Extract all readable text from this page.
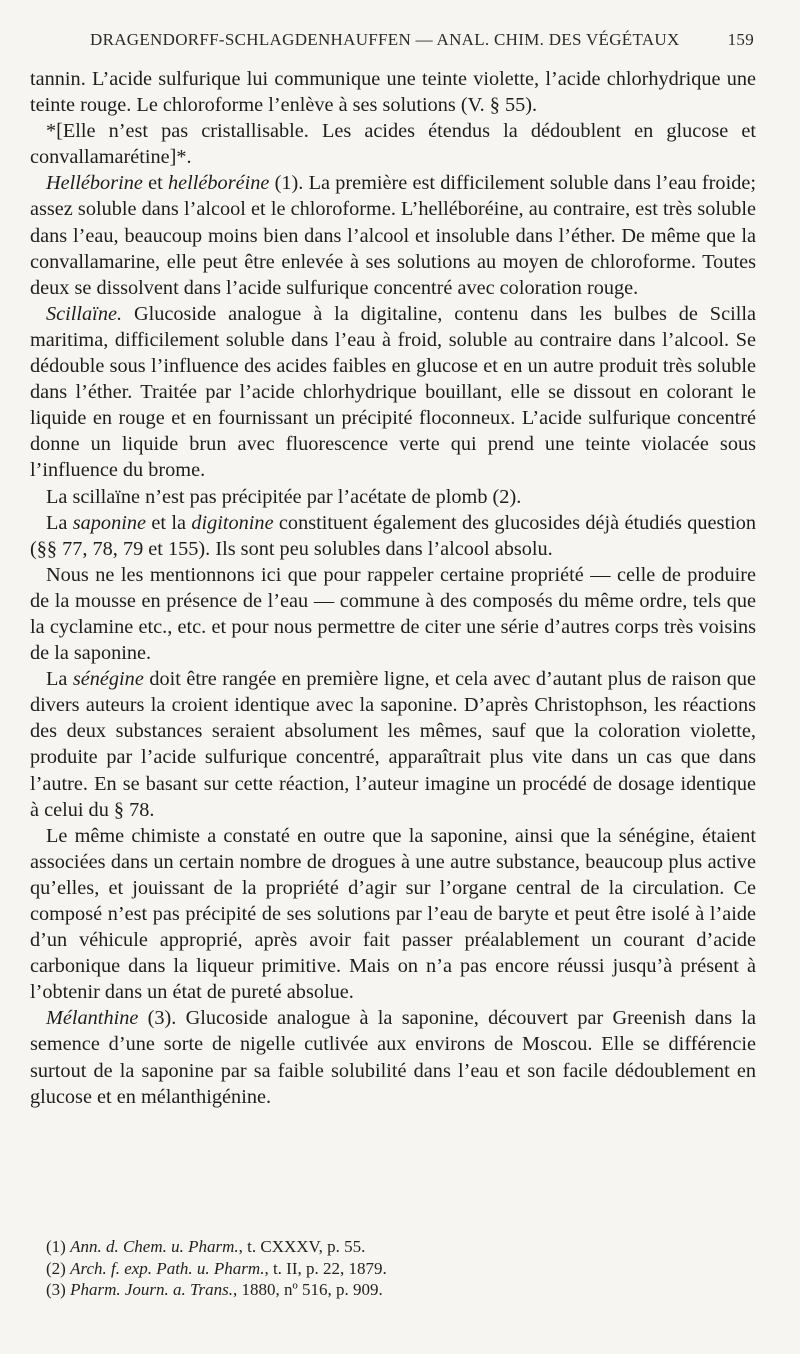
DRAGENDORFF-SCHLAGDENHAUFFEN — ANAL. CHIM. DES VÉGÉTAUX	159

tannin. L’acide sulfurique lui communique une teinte violette, l’acide chlorhydrique une teinte rouge. Le chloroforme l’enlève à ses solutions (V. § 55).

*[Elle n’est pas cristallisable. Les acides étendus la dédoublent en glucose et convallamarétine]*.

Helléborine et helléboréine (1). La première est difficilement soluble dans l’eau froide; assez soluble dans l’alcool et le chloroforme. L’helléboréine, au contraire, est très soluble dans l’eau, beaucoup moins bien dans l’alcool et insoluble dans l’éther. De même que la convallamarine, elle peut être enlevée à ses solutions au moyen de chloroforme. Toutes deux se dissolvent dans l’acide sulfurique concentré avec coloration rouge.

Scillaïne. Glucoside analogue à la digitaline, contenu dans les bulbes de Scilla maritima, difficilement soluble dans l’eau à froid, soluble au contraire dans l’alcool. Se dédouble sous l’influence des acides faibles en glucose et en un autre produit très soluble dans l’éther. Traitée par l’acide chlorhydrique bouillant, elle se dissout en colorant le liquide en rouge et en fournissant un précipité floconneux. L’acide sulfurique concentré donne un liquide brun avec fluorescence verte qui prend une teinte violacée sous l’influence du brome.

La scillaïne n’est pas précipitée par l’acétate de plomb (2).

La saponine et la digitonine constituent également des glucosides déjà étudiés question (§§ 77, 78, 79 et 155). Ils sont peu solubles dans l’alcool absolu.

Nous ne les mentionnons ici que pour rappeler certaine propriété — celle de produire de la mousse en présence de l’eau — commune à des composés du même ordre, tels que la cyclamine etc., etc. et pour nous permettre de citer une série d’autres corps très voisins de la saponine.

La sénégine doit être rangée en première ligne, et cela avec d’autant plus de raison que divers auteurs la croient identique avec la saponine. D’après Christophson, les réactions des deux substances seraient absolument les mêmes, sauf que la coloration violette, produite par l’acide sulfurique concentré, apparaîtrait plus vite dans un cas que dans l’autre. En se basant sur cette réaction, l’auteur imagine un procédé de dosage identique à celui du § 78.

Le même chimiste a constaté en outre que la saponine, ainsi que la sénégine, étaient associées dans un certain nombre de drogues à une autre substance, beaucoup plus active qu’elles, et jouissant de la propriété d’agir sur l’organe central de la circulation. Ce composé n’est pas précipité de ses solutions par l’eau de baryte et peut être isolé à l’aide d’un véhicule approprié, après avoir fait passer préalablement un courant d’acide carbonique dans la liqueur primitive. Mais on n’a pas encore réussi jusqu’à présent à l’obtenir dans un état de pureté absolue.

Mélanthine (3). Glucoside analogue à la saponine, découvert par Greenish dans la semence d’une sorte de nigelle cutlivée aux environs de Moscou. Elle se différencie surtout de la saponine par sa faible solubilité dans l’eau et son facile dédoublement en glucose et en mélanthigénine.

(1) Ann. d. Chem. u. Pharm., t. CXXXV, p. 55.

(2) Arch. f. exp. Path. u. Pharm., t. II, p. 22, 1879.

(3) Pharm. Journ. a. Trans., 1880, nº 516, p. 909.
